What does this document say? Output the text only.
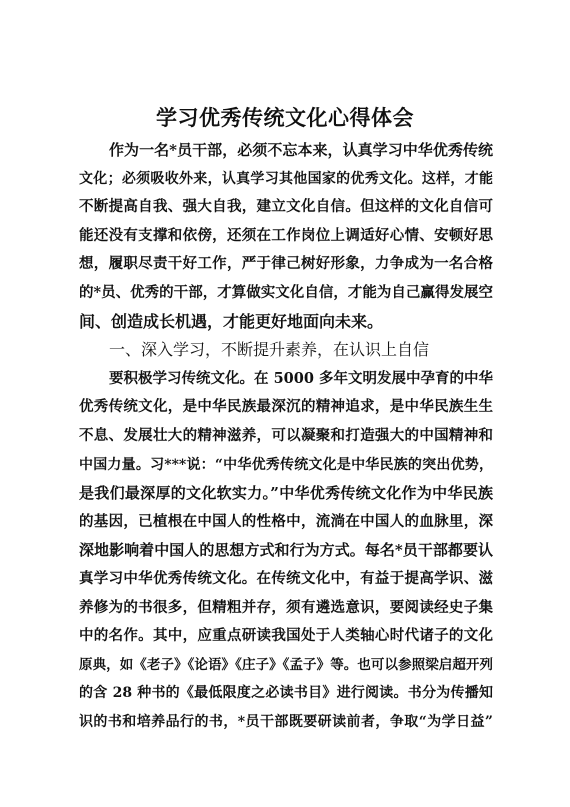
学习优秀传统文化心得体会
作为一名*员干部，必须不忘本来，认真学习中华优秀传统
文化；必须吸收外来，认真学习其他国家的优秀文化。这样，才能
不断提高自我、强大自我，建立文化自信。但这样的文化自信可
能还没有支撑和依傍，还须在工作岗位上调适好心情、安顿好思
想，履职尽责干好工作，严于律己树好形象，力争成为一名合格
的*员、优秀的干部，才算做实文化自信，才能为自己赢得发展空
间、创造成长机遇，才能更好地面向未来。
一、深入学习，不断提升素养，在认识上自信
要积极学习传统文化。在 5000 多年文明发展中孕育的中华
优秀传统文化，是中华民族最深沉的精神追求，是中华民族生生
不息、发展壮大的精神滋养，可以凝聚和打造强大的中国精神和
中国力量。习***说：“中华优秀传统文化是中华民族的突出优势，
是我们最深厚的文化软实力。”中华优秀传统文化作为中华民族
的基因，已植根在中国人的性格中，流淌在中国人的血脉里，深
深地影响着中国人的思想方式和行为方式。每名*员干部都要认
真学习中华优秀传统文化。在传统文化中，有益于提高学识、滋
养修为的书很多，但精粗并存，须有遴选意识，要阅读经史子集
中的名作。其中，应重点研读我国处于人类轴心时代诸子的文化
原典，如《老子》《论语》《庄子》《孟子》等。也可以参照梁启超开列
的含 28 种书的《最低限度之必读书目》进行阅读。书分为传播知
识的书和培养品行的书，*员干部既要研读前者，争取“为学日益”
